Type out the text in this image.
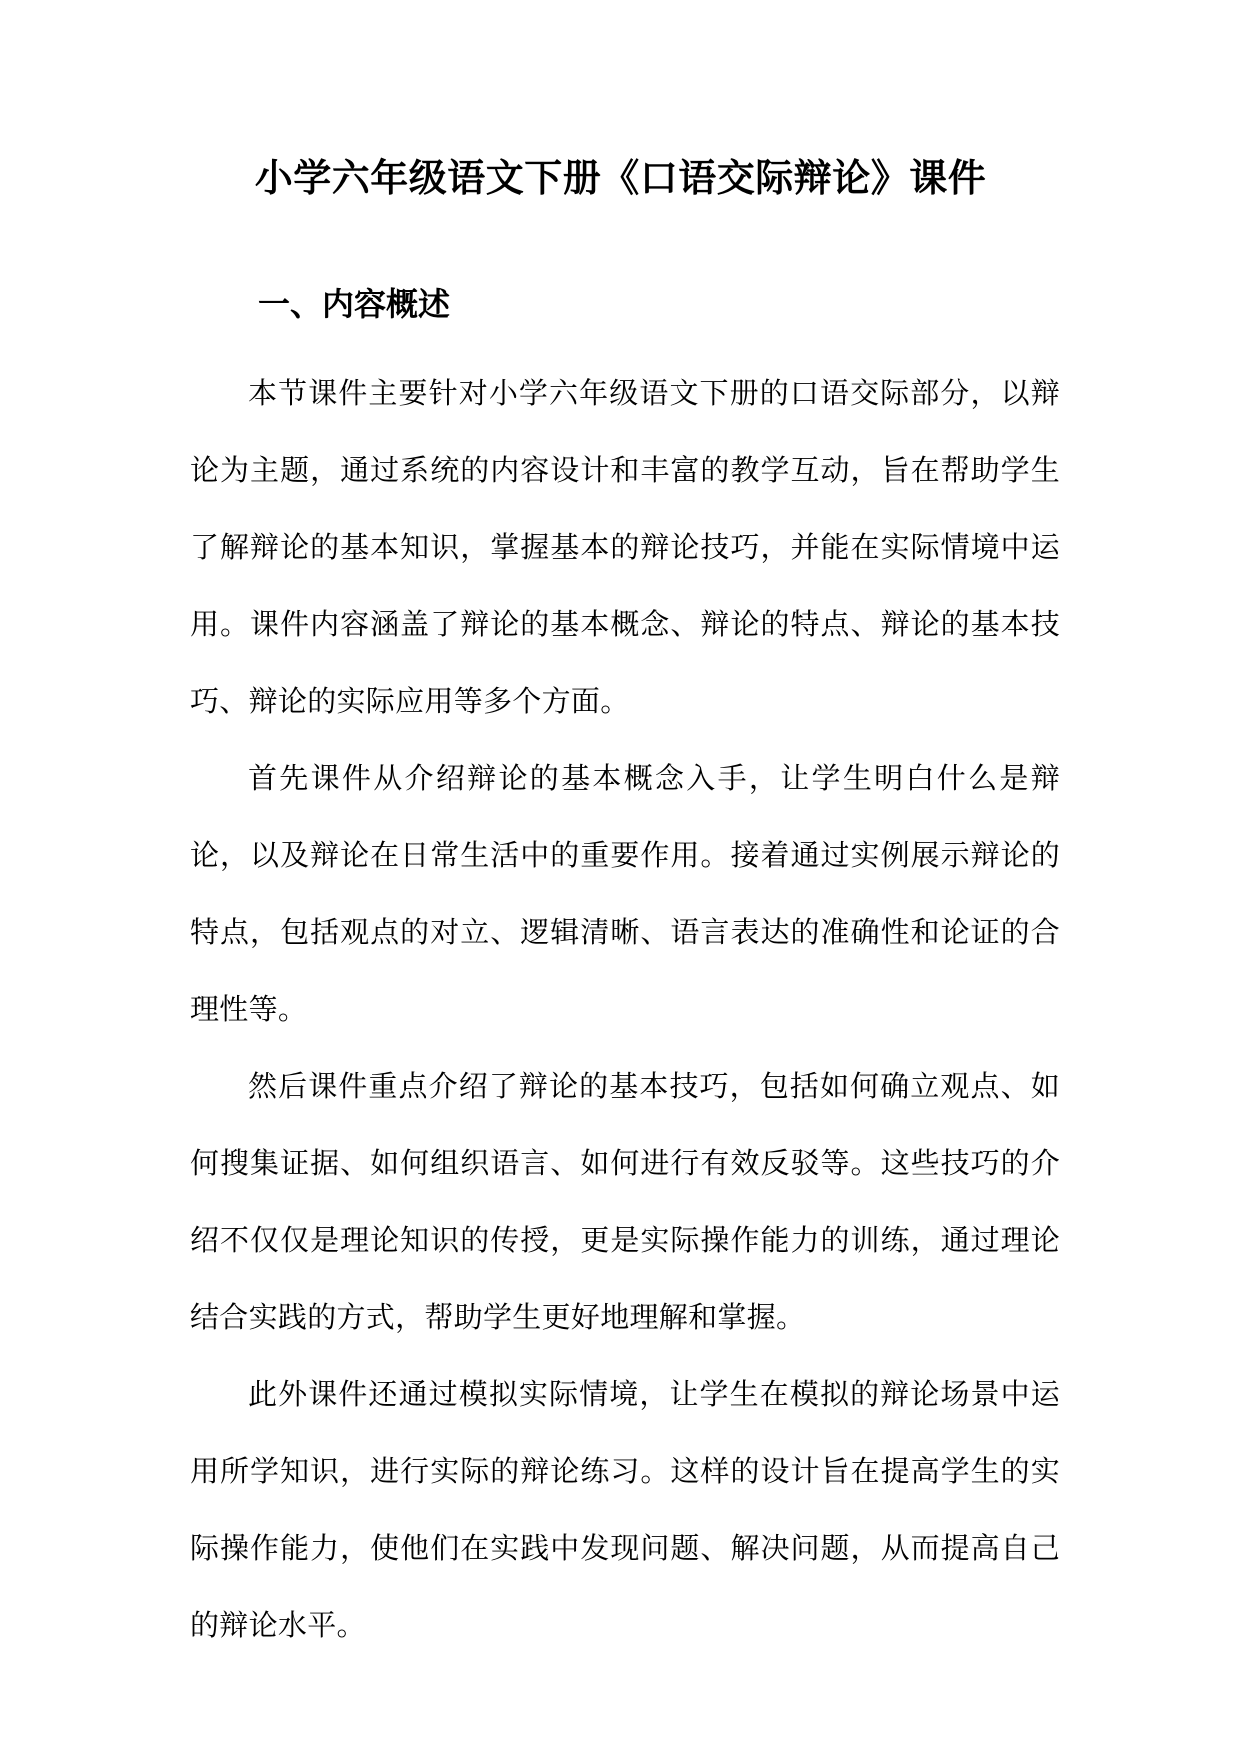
小学六年级语文下册《口语交际辩论》课件
一、内容概述

本节课件主要针对小学六年级语文下册的口语交际部分，以辩论为主题，通过系统的内容设计和丰富的教学互动，旨在帮助学生了解辩论的基本知识，掌握基本的辩论技巧，并能在实际情境中运用。课件内容涵盖了辩论的基本概念、辩论的特点、辩论的基本技巧、辩论的实际应用等多个方面。

首先课件从介绍辩论的基本概念入手，让学生明白什么是辩论，以及辩论在日常生活中的重要作用。接着通过实例展示辩论的特点，包括观点的对立、逻辑清晰、语言表达的准确性和论证的合理性等。

然后课件重点介绍了辩论的基本技巧，包括如何确立观点、如何搜集证据、如何组织语言、如何进行有效反驳等。这些技巧的介绍不仅仅是理论知识的传授，更是实际操作能力的训练，通过理论结合实践的方式，帮助学生更好地理解和掌握。

此外课件还通过模拟实际情境，让学生在模拟的辩论场景中运用所学知识，进行实际的辩论练习。这样的设计旨在提高学生的实际操作能力，使他们在实践中发现问题、解决问题，从而提高自己的辩论水平。
